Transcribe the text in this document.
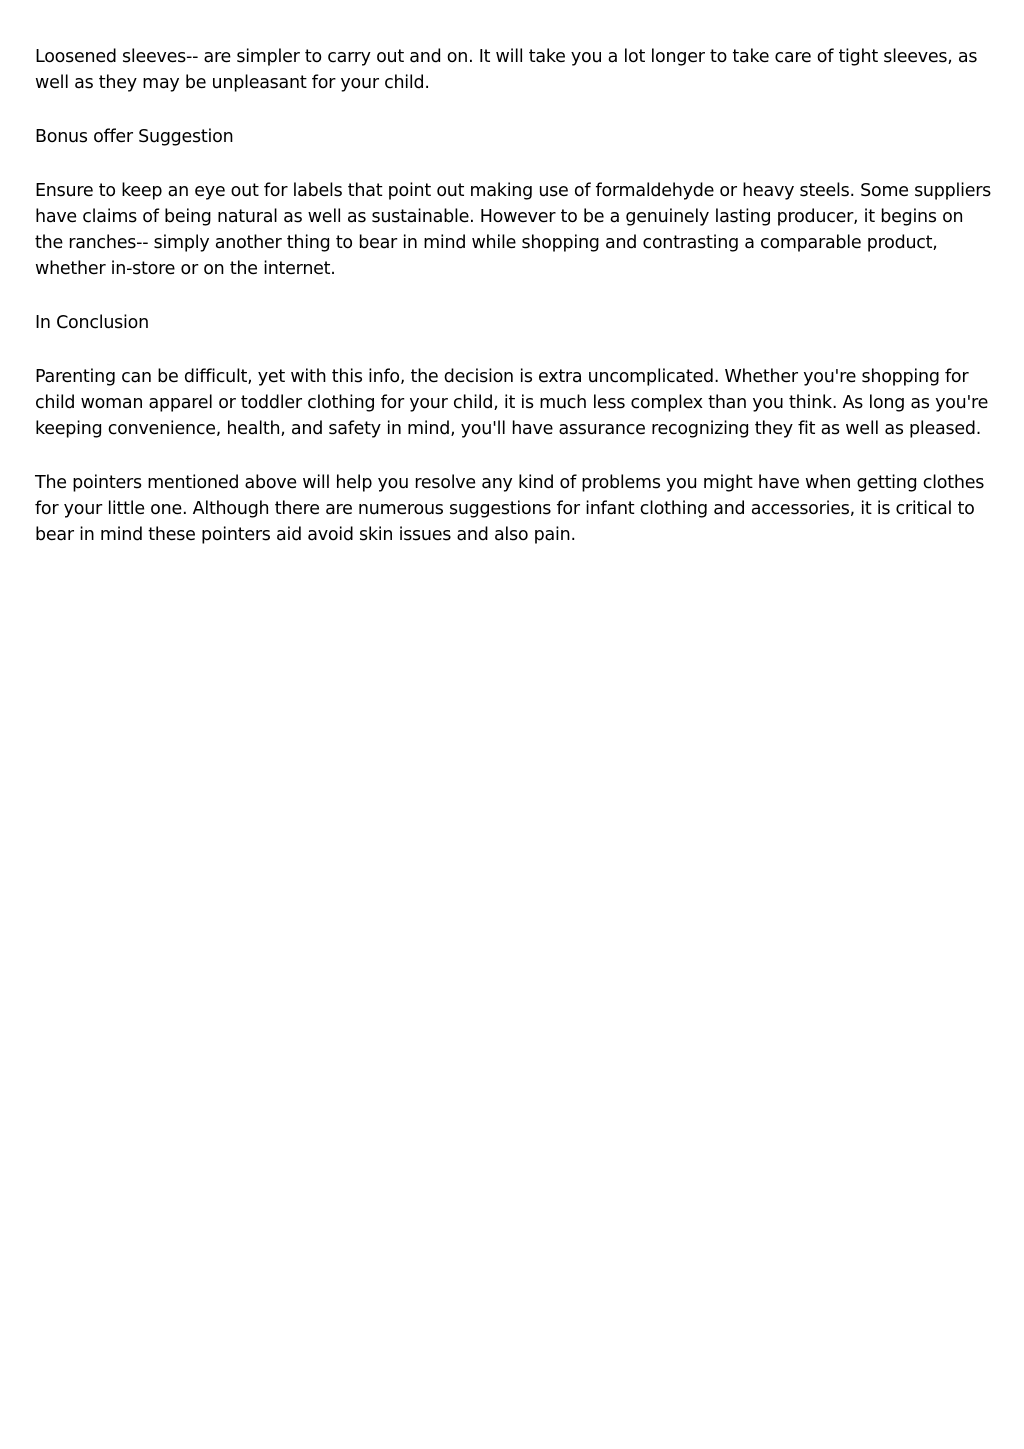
Loosened sleeves-- are simpler to carry out and on. It will take you a lot longer to take care of tight sleeves, as well as they may be unpleasant for your child.

Bonus offer Suggestion

Ensure to keep an eye out for labels that point out making use of formaldehyde or heavy steels. Some suppliers have claims of being natural as well as sustainable. However to be a genuinely lasting producer, it begins on the ranches-- simply another thing to bear in mind while shopping and contrasting a comparable product, whether in-store or on the internet.

In Conclusion

Parenting can be difficult, yet with this info, the decision is extra uncomplicated. Whether you're shopping for child woman apparel or toddler clothing for your child, it is much less complex than you think. As long as you're keeping convenience, health, and safety in mind, you'll have assurance recognizing they fit as well as pleased.

The pointers mentioned above will help you resolve any kind of problems you might have when getting clothes for your little one. Although there are numerous suggestions for infant clothing and accessories, it is critical to bear in mind these pointers aid avoid skin issues and also pain.
